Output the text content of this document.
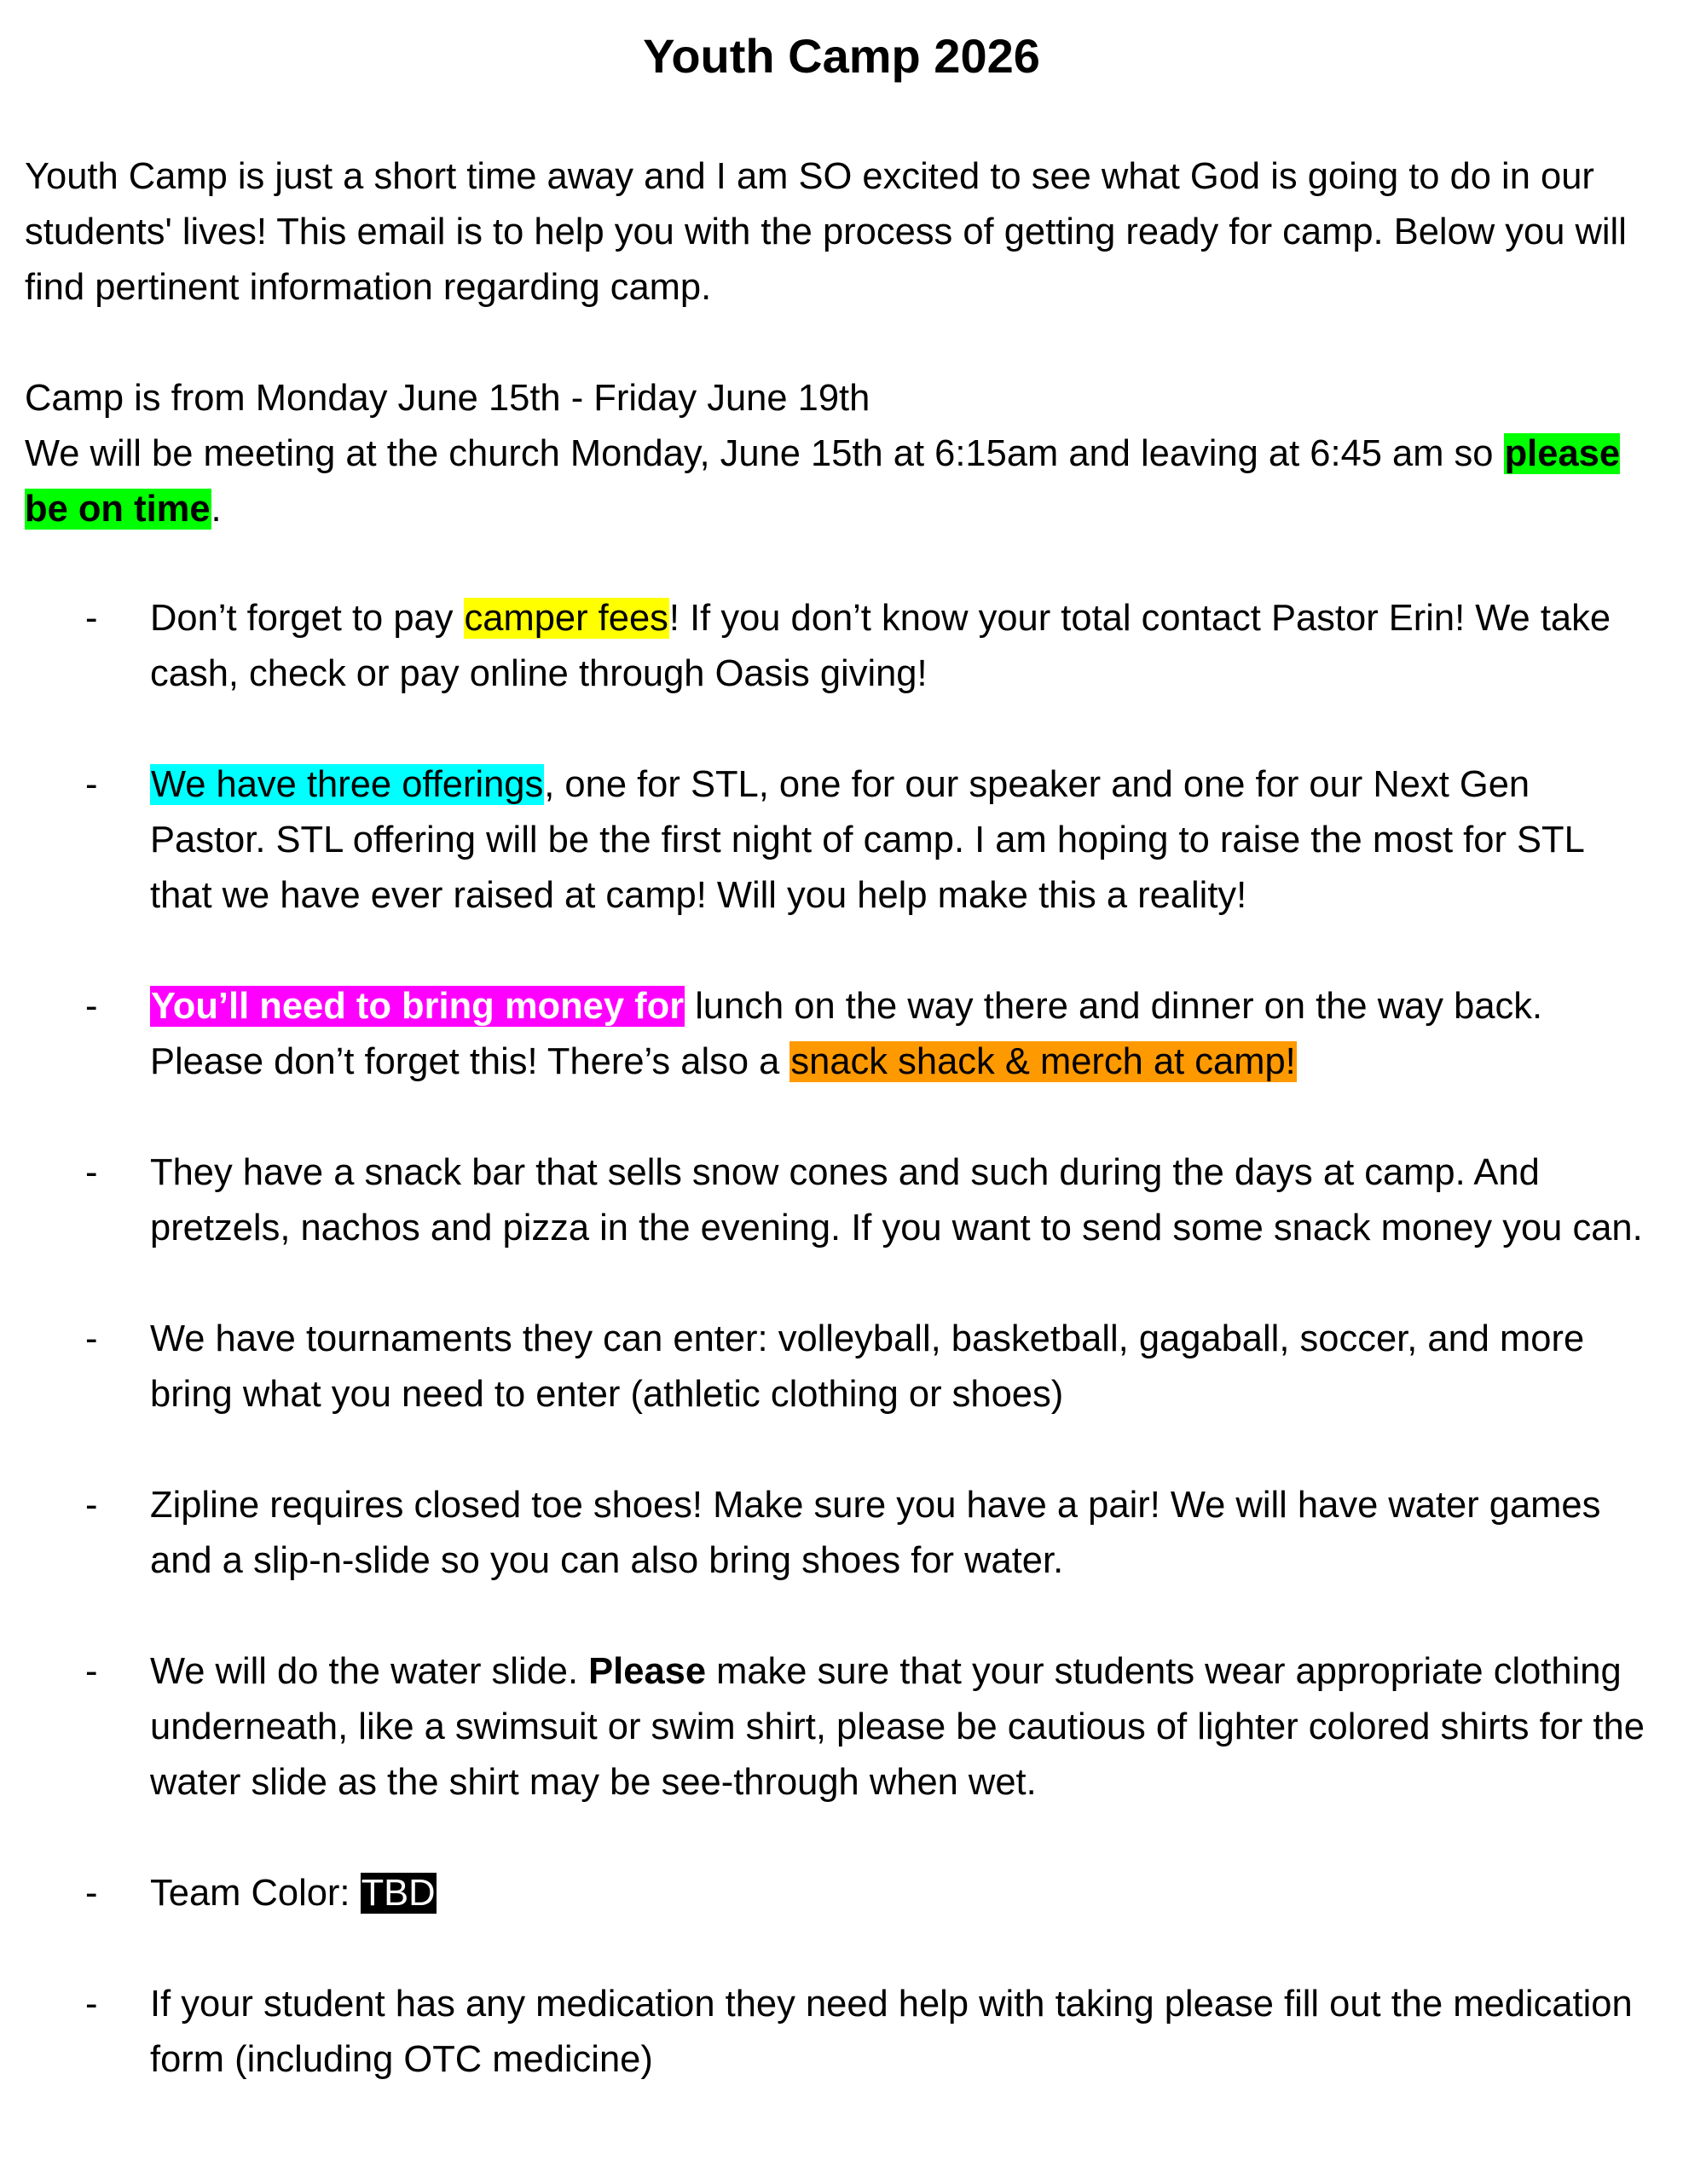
Youth Camp 2026

Youth Camp is just a short time away and I am SO excited to see what God is going to do in our students' lives! This email is to help you with the process of getting ready for camp. Below you will find pertinent information regarding camp.

Camp is from Monday June 15th - Friday June 19th
We will be meeting at the church Monday, June 15th at 6:15am and leaving at 6:45 am so please be on time.
- Don’t forget to pay camper fees! If you don’t know your total contact Pastor Erin! We take cash, check or pay online through Oasis giving!
- We have three offerings, one for STL, one for our speaker and one for our Next Gen Pastor. STL offering will be the first night of camp. I am hoping to raise the most for STL that we have ever raised at camp! Will you help make this a reality!
- You’ll need to bring money for lunch on the way there and dinner on the way back. Please don’t forget this! There’s also a snack shack & merch at camp!
- They have a snack bar that sells snow cones and such during the days at camp. And pretzels, nachos and pizza in the evening. If you want to send some snack money you can.
- We have tournaments they can enter: volleyball, basketball, gagaball, soccer, and more bring what you need to enter (athletic clothing or shoes)
- Zipline requires closed toe shoes! Make sure you have a pair! We will have water games and a slip-n-slide so you can also bring shoes for water.
- We will do the water slide. Please make sure that your students wear appropriate clothing underneath, like a swimsuit or swim shirt, please be cautious of lighter colored shirts for the water slide as the shirt may be see-through when wet.
- Team Color: TBD
- If your student has any medication they need help with taking please fill out the medication form (including OTC medicine)
